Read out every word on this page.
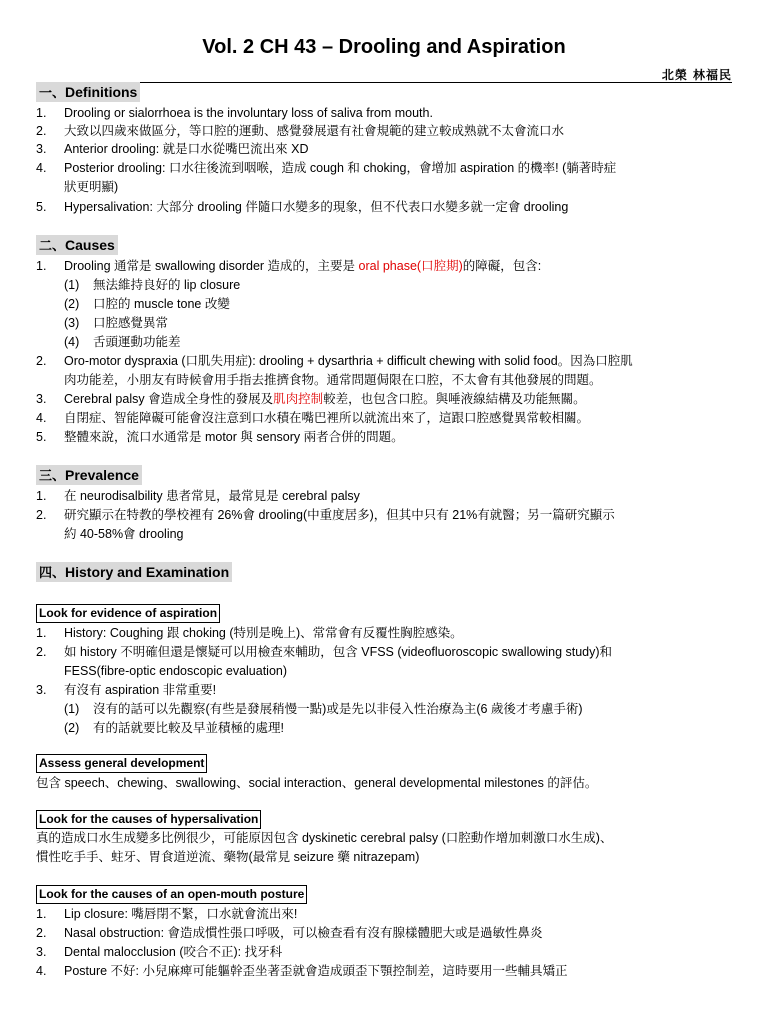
Vol. 2 CH 43 – Drooling and Aspiration
北榮 林福民
一、Definitions
1. Drooling or sialorrhoea is the involuntary loss of saliva from mouth.
2. 大致以四歲來做區分，等口腔的運動、感覺發展還有社會規範的建立較成熟就不太會流口水
3. Anterior drooling: 就是口水從嘴巴流出來 XD
4. Posterior drooling: 口水往後流到咽喉，造成 cough 和 choking，會增加 aspiration 的機率! (躺著時症
狀更明顯)
5. Hypersalivation: 大部分 drooling 伴隨口水變多的現象，但不代表口水變多就一定會 drooling
二、Causes
1. Drooling 通常是 swallowing disorder 造成的，主要是 oral phase(口腔期)的障礙，包含:
(1) 無法維持良好的 lip closure
(2) 口腔的 muscle tone 改變
(3) 口腔感覺異常
(4) 舌頭運動功能差
2. Oro-motor dyspraxia (口肌失用症): drooling + dysarthria + difficult chewing with solid food。因為口腔肌
肉功能差，小朋友有時候會用手指去推擠食物。通常問題侷限在口腔，不太會有其他發展的問題。
3. Cerebral palsy 會造成全身性的發展及肌肉控制較差，也包含口腔。與唾液線結構及功能無關。
4. 自閉症、智能障礙可能會沒注意到口水積在嘴巴裡所以就流出來了，這跟口腔感覺異常較相關。
5. 整體來說，流口水通常是 motor 與 sensory 兩者合併的問題。
三、Prevalence
1. 在 neurodisalbility 患者常見，最常見是 cerebral palsy
2. 研究顯示在特教的學校裡有 26%會 drooling(中重度居多)，但其中只有 21%有就醫；另一篇研究顯示
約 40-58%會 drooling
四、History and Examination
Look for evidence of aspiration
1. History: Coughing 跟 choking (特別是晚上)、常常會有反覆性胸腔感染。
2. 如 history 不明確但還是懷疑可以用檢查來輔助，包含 VFSS (videofluoroscopic swallowing study)和
FESS(fibre-optic endoscopic evaluation)
3. 有沒有 aspiration 非常重要!
(1) 沒有的話可以先觀察(有些是發展稍慢一點)或是先以非侵入性治療為主(6 歲後才考慮手術)
(2) 有的話就要比較及早並積極的處理!
Assess general development
包含 speech、chewing、swallowing、social interaction、general developmental milestones 的評估。
Look for the causes of hypersalivation
真的造成口水生成變多比例很少，可能原因包含 dyskinetic cerebral palsy (口腔動作增加刺激口水生成)、
慣性吃手手、蛀牙、胃食道逆流、藥物(最常見 seizure 藥 nitrazepam)
Look for the causes of an open-mouth posture
1. Lip closure: 嘴唇閉不緊，口水就會流出來!
2. Nasal obstruction: 會造成慣性張口呼吸，可以檢查看有沒有腺樣體肥大或是過敏性鼻炎
3. Dental malocclusion (咬合不正): 找牙科
4. Posture 不好: 小兒麻痺可能軀幹歪坐著歪就會造成頭歪下顎控制差，這時要用一些輔具矯正
